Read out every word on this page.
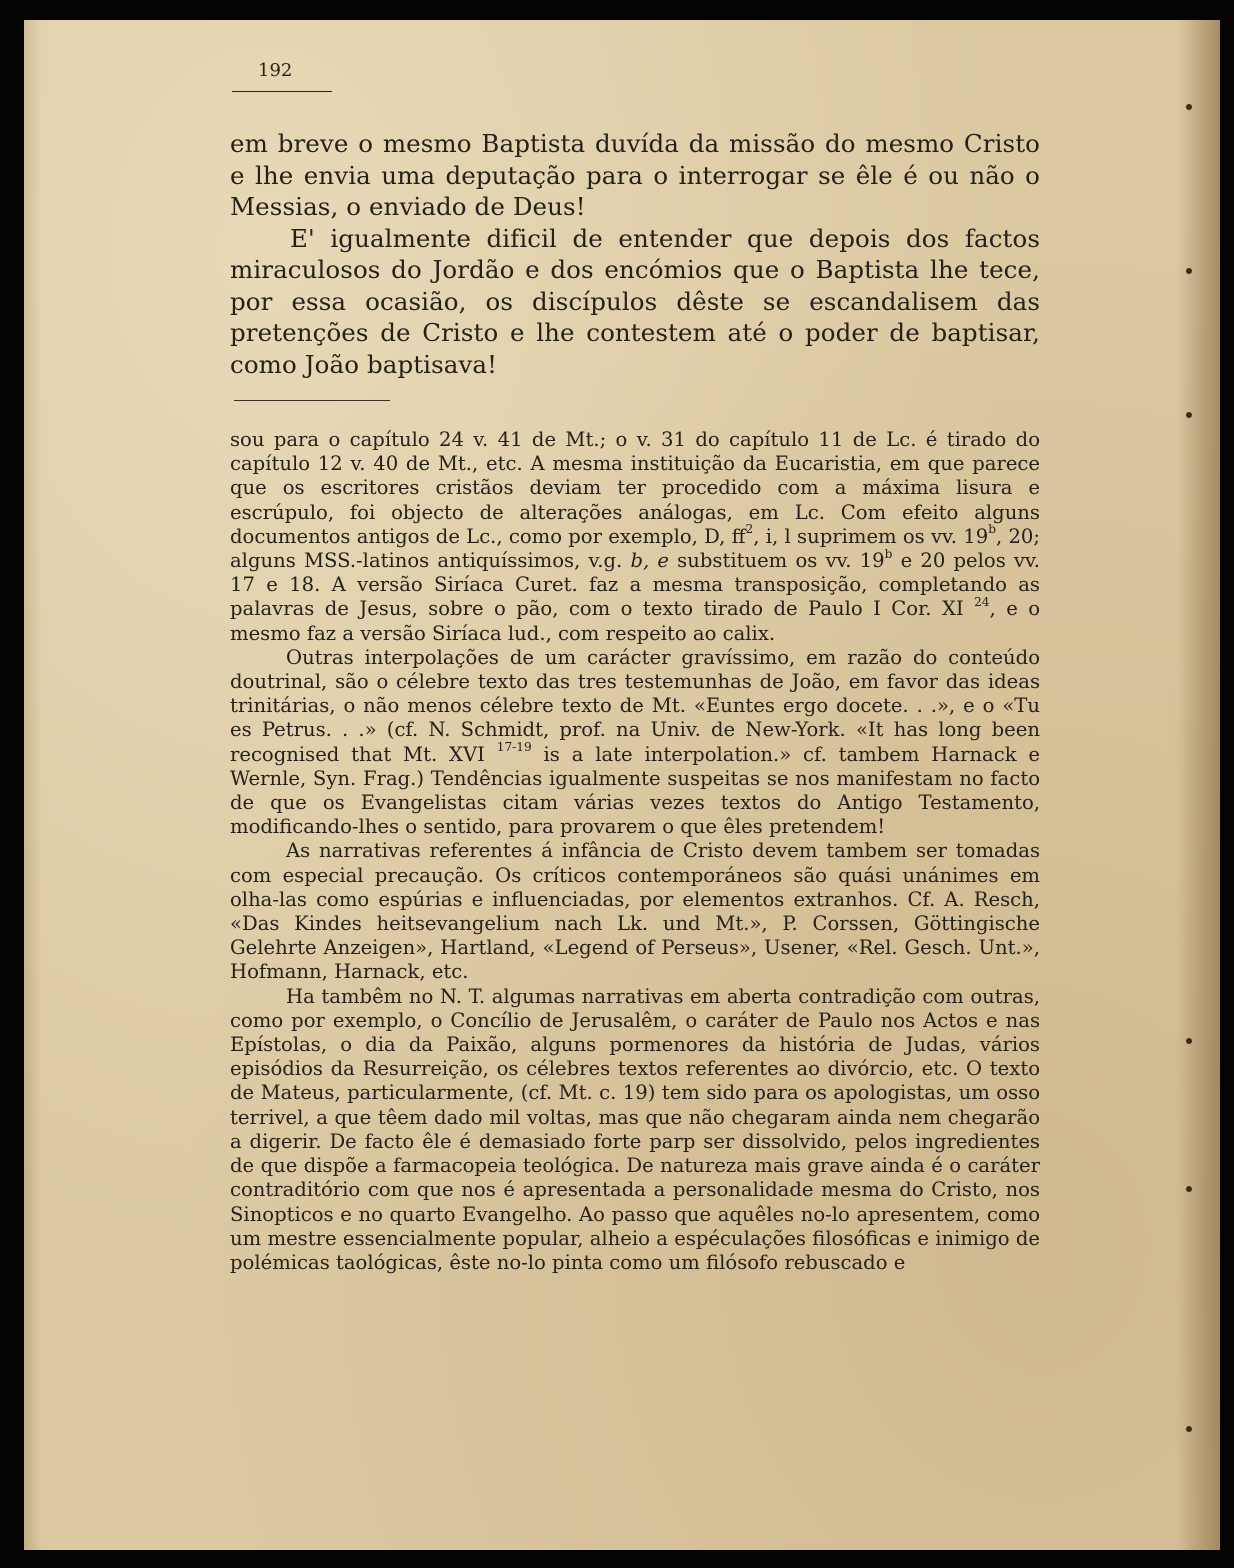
192

em breve o mesmo Baptista duvída da missão do mesmo Cristo e lhe envia uma deputação para o interrogar se êle é ou não o Messias, o enviado de Deus!

E' igualmente dificil de entender que depois dos factos miraculosos do Jordão e dos encómios que o Baptista lhe tece, por essa ocasião, os discípulos dêste se escandalisem das pretenções de Cristo e lhe contestem até o poder de baptisar, como João baptisava!

sou para o capítulo 24 v. 41 de Mt.; o v. 31 do capítulo 11 de Lc. é tirado do capítulo 12 v. 40 de Mt., etc. A mesma instituição da Eucaristia, em que parece que os escritores cristãos deviam ter procedido com a máxima lisura e escrúpulo, foi objecto de alterações análogas, em Lc. Com efeito alguns documentos antigos de Lc., como por exemplo, D, $ff^2$, i, l suprimem os vv. 19$^b$, 20; alguns MSS.-latinos antiquíssimos, v.g. b, e substituem os vv. 19$^b$ e 20 pelos vv. 17 e 18. A versão Siríaca Curet. faz a mesma transposição, completando as palavras de Jesus, sobre o pão, com o texto tirado de Paulo I Cor. XI $^{24}$, e o mesmo faz a versão Siríaca lud., com respeito ao calix.

Outras interpolações de um carácter gravíssimo, em razão do conteúdo doutrinal, são o célebre texto das tres testemunhas de João, em favor das ideas trinitárias, o não menos célebre texto de Mt. «Euntes ergo docete. . .», e o «Tu es Petrus. . .» (cf. N. Schmidt, prof. na Univ. de New-York. «It has long been recognised that Mt. XVI $^{17-19}$ is a late interpolation.» cf. tambem Harnack e Wernle, Syn. Frag.) Tendências igualmente suspeitas se nos manifestam no facto de que os Evangelistas citam várias vezes textos do Antigo Testamento, modificando-lhes o sentido, para provarem o que êles pretendem!

As narrativas referentes á infância de Cristo devem tambem ser tomadas com especial precaução. Os críticos contemporáneos são quási unánimes em olha-las como espúrias e influenciadas, por elementos extranhos. Cf. A. Resch, «Das Kindes heitsevangelium nach Lk. und Mt.», P. Corssen, Göttingische Gelehrte Anzeigen», Hartland, «Legend of Perseus», Usener, «Rel. Gesch. Unt.», Hofmann, Harnack, etc.

Ha tambêm no N. T. algumas narrativas em aberta contradição com outras, como por exemplo, o Concílio de Jerusalêm, o caráter de Paulo nos Actos e nas Epístolas, o dia da Paixão, alguns pormenores da história de Judas, vários episódios da Resurreição, os célebres textos referentes ao divórcio, etc. O texto de Mateus, particularmente, (cf. Mt. c. 19) tem sido para os apologistas, um osso terrivel, a que têem dado mil voltas, mas que não chegaram ainda nem chegarão a digerir. De facto êle é demasiado forte parp ser dissolvido, pelos ingredientes de que dispõe a farmacopeia teológica. De natureza mais grave ainda é o caráter contraditório com que nos é apresentada a personalidade mesma do Cristo, nos Sinopticos e no quarto Evangelho. Ao passo que aquêles no-lo apresentem, como um mestre essencialmente popular, alheio a espéculações filosóficas e inimigo de polémicas taológicas, êste no-lo pinta como um filósofo rebuscado e
